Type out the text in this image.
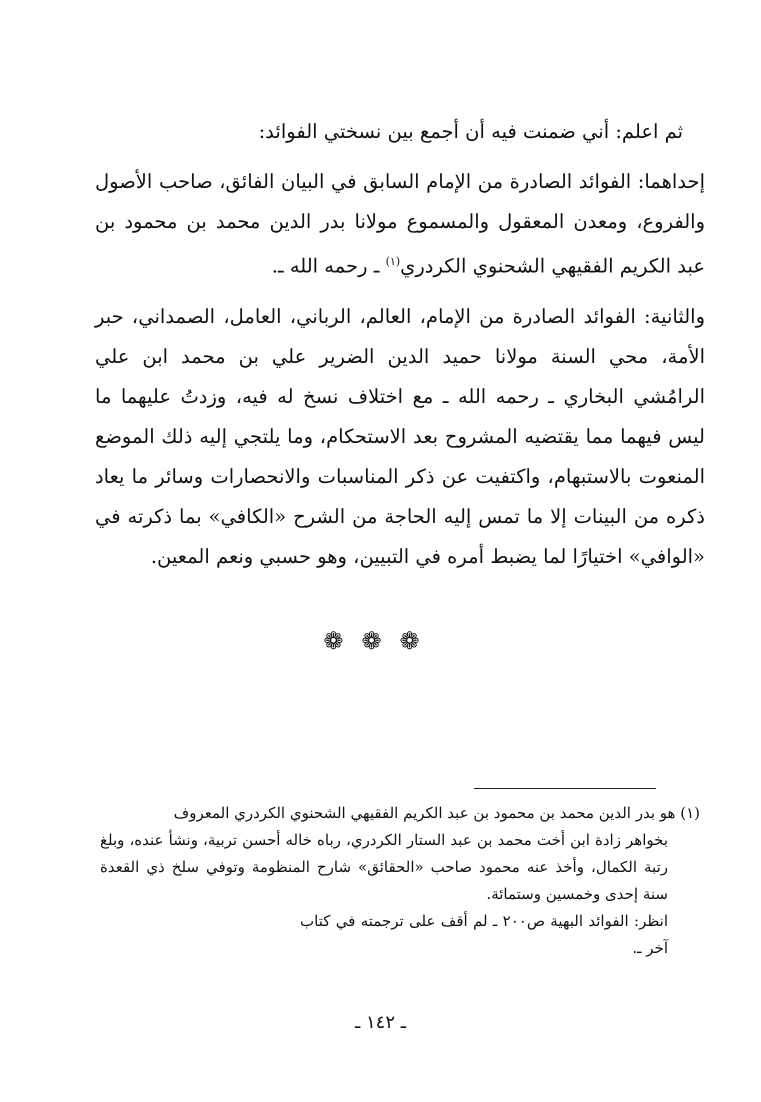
ثم اعلم: أني ضمنت فيه أن أجمع بين نسختي الفوائد:

إحداهما: الفوائد الصادرة من الإمام السابق في البيان الفائق، صاحب الأصول والفروع، ومعدن المعقول والمسموع مولانا بدر الدين محمد بن محمود بن عبد الكريم الفقيهي الشحنوي الكردري$^{(١)}$ ـ رحمه الله ـ.

والثانية: الفوائد الصادرة من الإمام، العالم، الرباني، العامل، الصمداني، حبر الأمة، محي السنة مولانا حميد الدين الضرير علي بن محمد ابن علي الرامُشي البخاري ـ رحمه الله ـ مع اختلاف نسخ له فيه، وزدتُ عليهما ما ليس فيهما مما يقتضيه المشروح بعد الاستحكام، وما يلتجي إليه ذلك الموضع المنعوت بالاستبهام، واكتفيت عن ذكر المناسبات والانحصارات وسائر ما يعاد ذكره من البينات إلا ما تمس إليه الحاجة من الشرح «الكافي» بما ذكرته في «الوافي» اختيارًا لما يضبط أمره في التبيين، وهو حسبي ونعم المعين.

❁❁❁

(١) هو بدر الدين محمد بن محمود بن عبد الكريم الفقيهي الشحنوي الكردري المعروف

بخواهر زادة ابن أخت محمد بن عبد الستار الكردري، رباه خاله أحسن تربية، ونشأ عنده، وبلغ رتبة الكمال، وأخذ عنه محمود صاحب «الحقائق» شارح المنظومة وتوفي سلخ ذي القعدة سنة إحدى وخمسين وستمائة.

انظر: الفوائد البهية ص٢٠٠ ـ لم أقف على ترجمته في كتاب آخر ـ.

ـ ١٤٢ ـ
